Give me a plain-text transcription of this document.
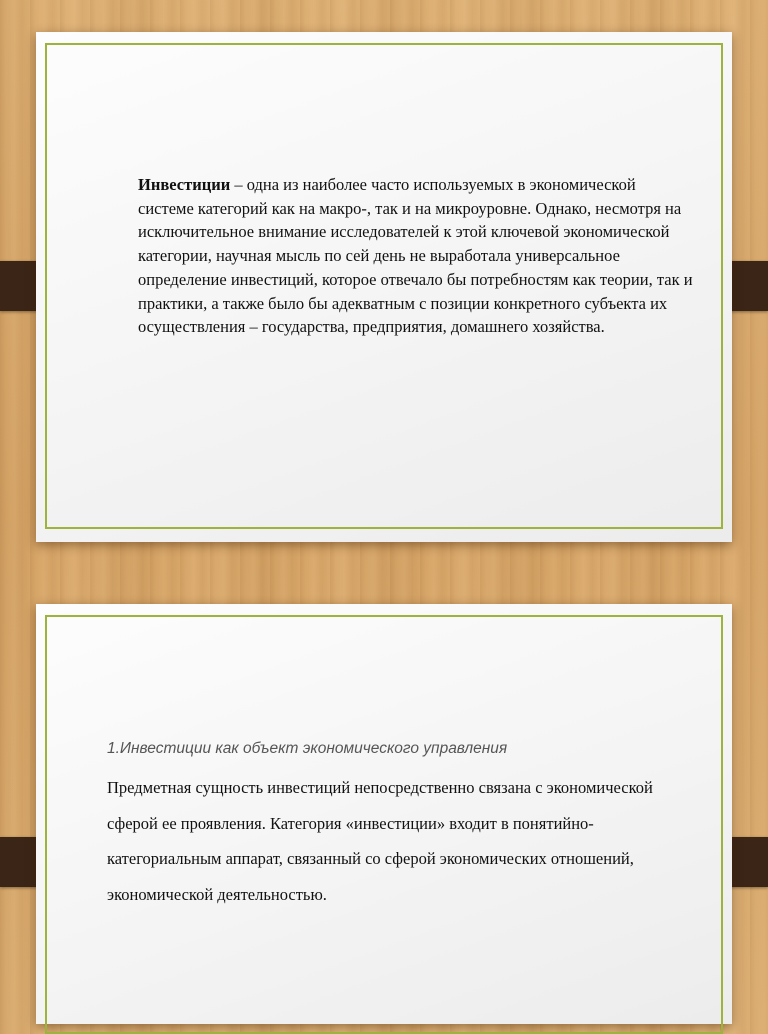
Инвестиции – одна из наиболее часто используемых в экономической системе категорий как на макро-, так и на микроуровне. Однако, несмотря на исключительное внимание исследователей к этой ключевой экономической категории, научная мысль по сей день не выработала универсальное определение инвестиций, которое отвечало бы потребностям как теории, так и практики, а также было бы адекватным с позиции конкретного субъекта их осуществления – государства, предприятия, домашнего хозяйства.
1.Инвестиции как объект экономического управления
Предметная сущность инвестиций непосредственно связана с экономической сферой ее проявления. Категория «инвестиции» входит в понятийно-категориальным аппарат, связанный со сферой экономических отношений, экономической деятельностью.
